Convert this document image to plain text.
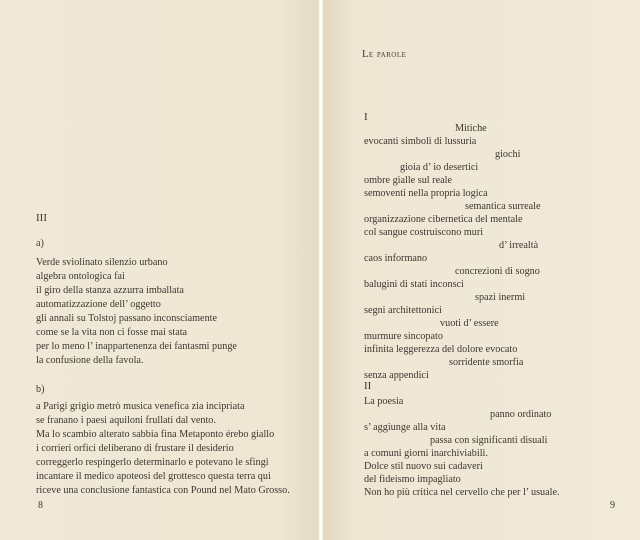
III
a)
Verde sviolinato silenzio urbano
algebra ontologica fai
il giro della stanza azzurra imballata
automatizzazione dell’ oggetto
gli annali su Tolstoj passano inconsciamente
come se la vita non ci fosse mai stata
per lo meno l’ inappartenenza dei fantasmi punge
la confusione della favola.
b)
a Parigi grigio metrò musica venefica zia incipriata
se franano i paesi aquiloni frullati dal vento.
Ma lo scambio alterato sabbia fina Metaponto érebo giallo
i corrieri orfici deliberano di frustare il desiderio
correggerlo respingerlo determinarlo e potevano le sfingi
incantare il medico apoteosi del grottesco questa terra qui
riceve una conclusione fantastica con Pound nel Mato Grosso.
8
Le parole
I
Mitiche
evocanti simboli di lussuria
giochi
gioia d’ io desertici
ombre gialle sul reale
semoventi nella propria logica
semantica surreale
organizzazione cibernetica del mentale
col sangue costruiscono muri
d’ irrealtà
caos informano
concrezioni di sogno
balugini di stati inconsci
spazi inermi
segni architettonici
vuoti d’ essere
murmure sincopato
infinita leggerezza del dolore evocato
sorridente smorfia
senza appendici
II
La poesia
panno ordinato
s’ aggiunge alla vita
passa con significanti disuali
a comuni giorni inarchiviabili.
Dolce stil nuovo sui cadaveri
del fideismo impagliato
Non ho più critica nel cervello che per l’ usuale.
9
